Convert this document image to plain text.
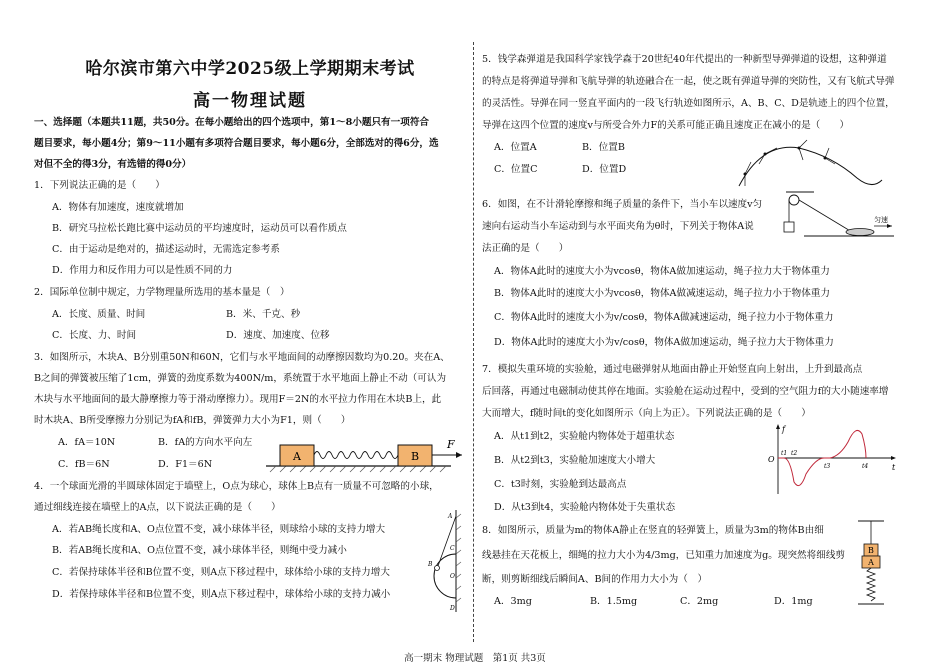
哈尔滨市第六中学2025级上学期期末考试
高一物理试题
一、选择题（本题共11题，共50分。在每小题给出的四个选项中，第1～8小题只有一项符合
题目要求，每小题4分；第9～11小题有多项符合题目要求，每小题6分，全部选对的得6分，选
对但不全的得3分，有选错的得0分）
1．下列说法正确的是（　　）
A．物体有加速度，速度就增加
B．研究马拉松长跑比赛中运动员的平均速度时，运动员可以看作质点
C．由于运动是绝对的，描述运动时，无需选定参考系
D．作用力和反作用力可以是性质不同的力
2．国际单位制中规定，力学物理量所选用的基本量是（　）
A．长度、质量、时间	B．米、千克、秒
C．长度、力、时间	D．速度、加速度、位移
3．如图所示，木块A、B分别重50N和60N，它们与水平地面间的动摩擦因数均为0.20。夹在A、
B之间的弹簧被压缩了1cm，弹簧的劲度系数为400N/m，系统置于水平地面上静止不动（可认为
木块与水平地面间的最大静摩擦力等于滑动摩擦力）。现用F＝2N的水平拉力作用在木块B上，此
时木块A、B所受摩擦力分别记为fA和fB，弹簧弹力大小为F1，则（　　）
A．fA＝10N	B．fA的方向水平向左
C．fB＝6N	D．F1＝6N
A	B
F
4．一个球面光滑的半圆球体固定于墙壁上，O点为球心，球体上B点有一质量不可忽略的小球，
通过细线连接在墙壁上的A点，以下说法正确的是（　　）
A．若AB绳长度和A、O点位置不变，减小球体半径，则球给小球的支持力增大
B．若AB绳长度和A、O点位置不变，减小球体半径，则绳中受力减小
C．若保持球体半径和B位置不变，则A点下移过程中，球体给小球的支持力增大
D．若保持球体半径和B位置不变，则A点下移过程中，球体给小球的支持力减小
A
B
C
O
D
5．钱学森弹道是我国科学家钱学森于20世纪40年代提出的一种新型导弹弹道的设想，这种弹道
的特点是将弹道导弹和飞航导弹的轨迹融合在一起，使之既有弹道导弹的突防性，又有飞航式导弹
的灵活性。导弹在同一竖直平面内的一段飞行轨迹如图所示，A、B、C、D是轨迹上的四个位置，
导弹在这四个位置的速度v与所受合外力F的关系可能正确且速度正在减小的是（　　）
A．位置A	B．位置B
C．位置C	D．位置D
6．如图，在不计滑轮摩擦和绳子质量的条件下，当小车以速度v匀
速向右运动当小车运动到与水平面夹角为θ时，下列关于物体A说
法正确的是（　　）
A．物体A此时的速度大小为vcosθ，物体A做加速运动，绳子拉力大于物体重力
B．物体A此时的速度大小为vcosθ，物体A做减速运动，绳子拉力小于物体重力
C．物体A此时的速度大小为v/cosθ，物体A做减速运动，绳子拉力小于物体重力
D．物体A此时的速度大小为v/cosθ，物体A做加速运动，绳子拉力大于物体重力
匀速
7．模拟失重环境的实验舱，通过电磁弹射从地面由静止开始竖直向上射出，上升到最高点
后回落，再通过电磁制动使其停在地面。实验舱在运动过程中，受到的空气阻力f的大小随速率增
大而增大，f随时间t的变化如图所示（向上为正）。下列说法正确的是（　　）
A．从t1到t2，实验舱内物体处于超重状态
B．从t2到t3，实验舱加速度大小增大
C．t3时刻，实验舱到达最高点
D．从t3到t4，实验舱内物体处于失重状态
f
O
t
t1 t2
t3	t4
8．如图所示，质量为m的物体A静止在竖直的轻弹簧上，质量为3m的物体B由细
线悬挂在天花板上，细绳的拉力大小为4/3mg，已知重力加速度为g。现突然将细线剪
断，则剪断细线后瞬间A、B间的作用力大小为（　）
A．3mg	B．1.5mg	C．2mg	D．1mg
B
A
高一期末 物理试题　第1页 共3页
